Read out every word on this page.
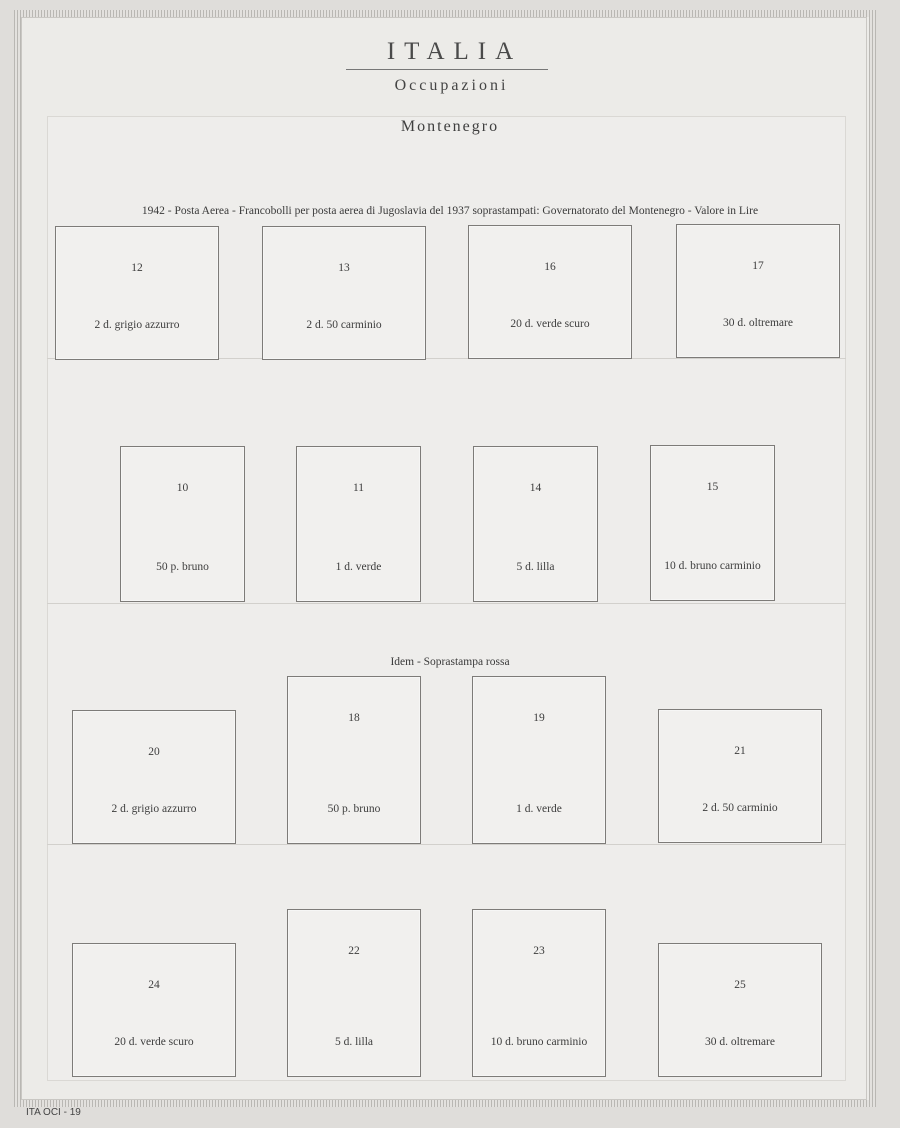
ITALIA
Occupazioni
Montenegro
1942 - Posta Aerea - Francobolli per posta aerea di Jugoslavia del 1937 soprastampati: Governatorato del Montenegro - Valore in Lire
Idem - Soprastampa rossa
12
2 d. grigio azzurro
13
2 d. 50 carminio
16
20 d. verde scuro
17
30 d. oltremare
10
50 p. bruno
11
1 d. verde
14
5 d. lilla
15
10 d. bruno carminio
20
2 d. grigio azzurro
18
50 p. bruno
19
1 d. verde
21
2 d. 50 carminio
24
20 d. verde scuro
22
5 d. lilla
23
10 d. bruno carminio
25
30 d. oltremare
ITA OCI - 19
